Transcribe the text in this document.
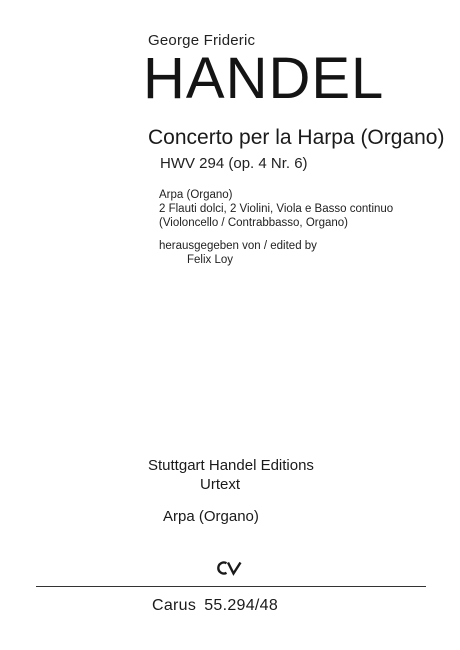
George Frideric
HANDEL
Concerto per la Harpa (Organo)
HWV 294 (op. 4 Nr. 6)
Arpa (Organo)
2 Flauti dolci, 2 Violini, Viola e Basso continuo
(Violoncello / Contrabbasso, Organo)
herausgegeben von / edited by
Felix Loy
Stuttgart Handel Editions
Urtext
Arpa (Organo)
Carus 55.294/48
